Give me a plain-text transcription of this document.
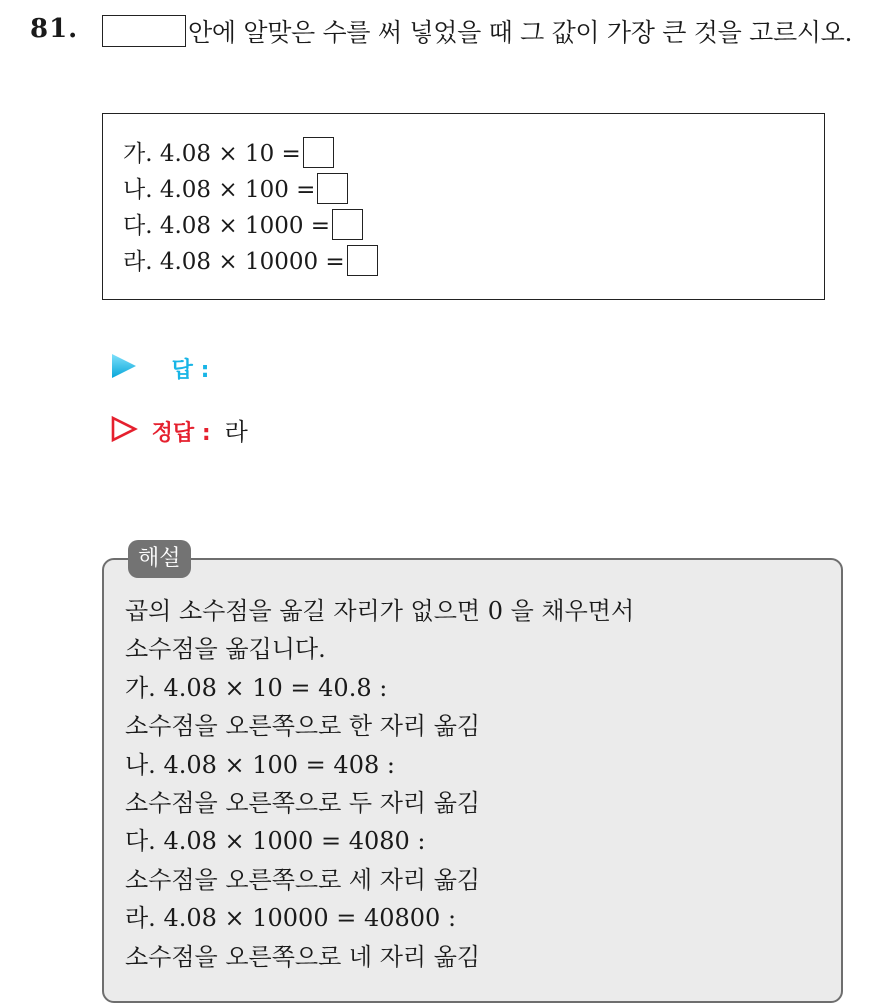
81.	안에 알맞은 수를 써 넣었을 때 그 값이 가장 큰 것을 고르시오.
가. 4.08 × 10 =
나. 4.08 × 100 =
다. 4.08 × 1000 =
라. 4.08 × 10000 =
답 :
정답 : 라
해설
곱의 소수점을 옮길 자리가 없으면 0 을 채우면서
소수점을 옮깁니다.
가. 4.08 × 10 = 40.8 :
소수점을 오른쪽으로 한 자리 옮김
나. 4.08 × 100 = 408 :
소수점을 오른쪽으로 두 자리 옮김
다. 4.08 × 1000 = 4080 :
소수점을 오른쪽으로 세 자리 옮김
라. 4.08 × 10000 = 40800 :
소수점을 오른쪽으로 네 자리 옮김
